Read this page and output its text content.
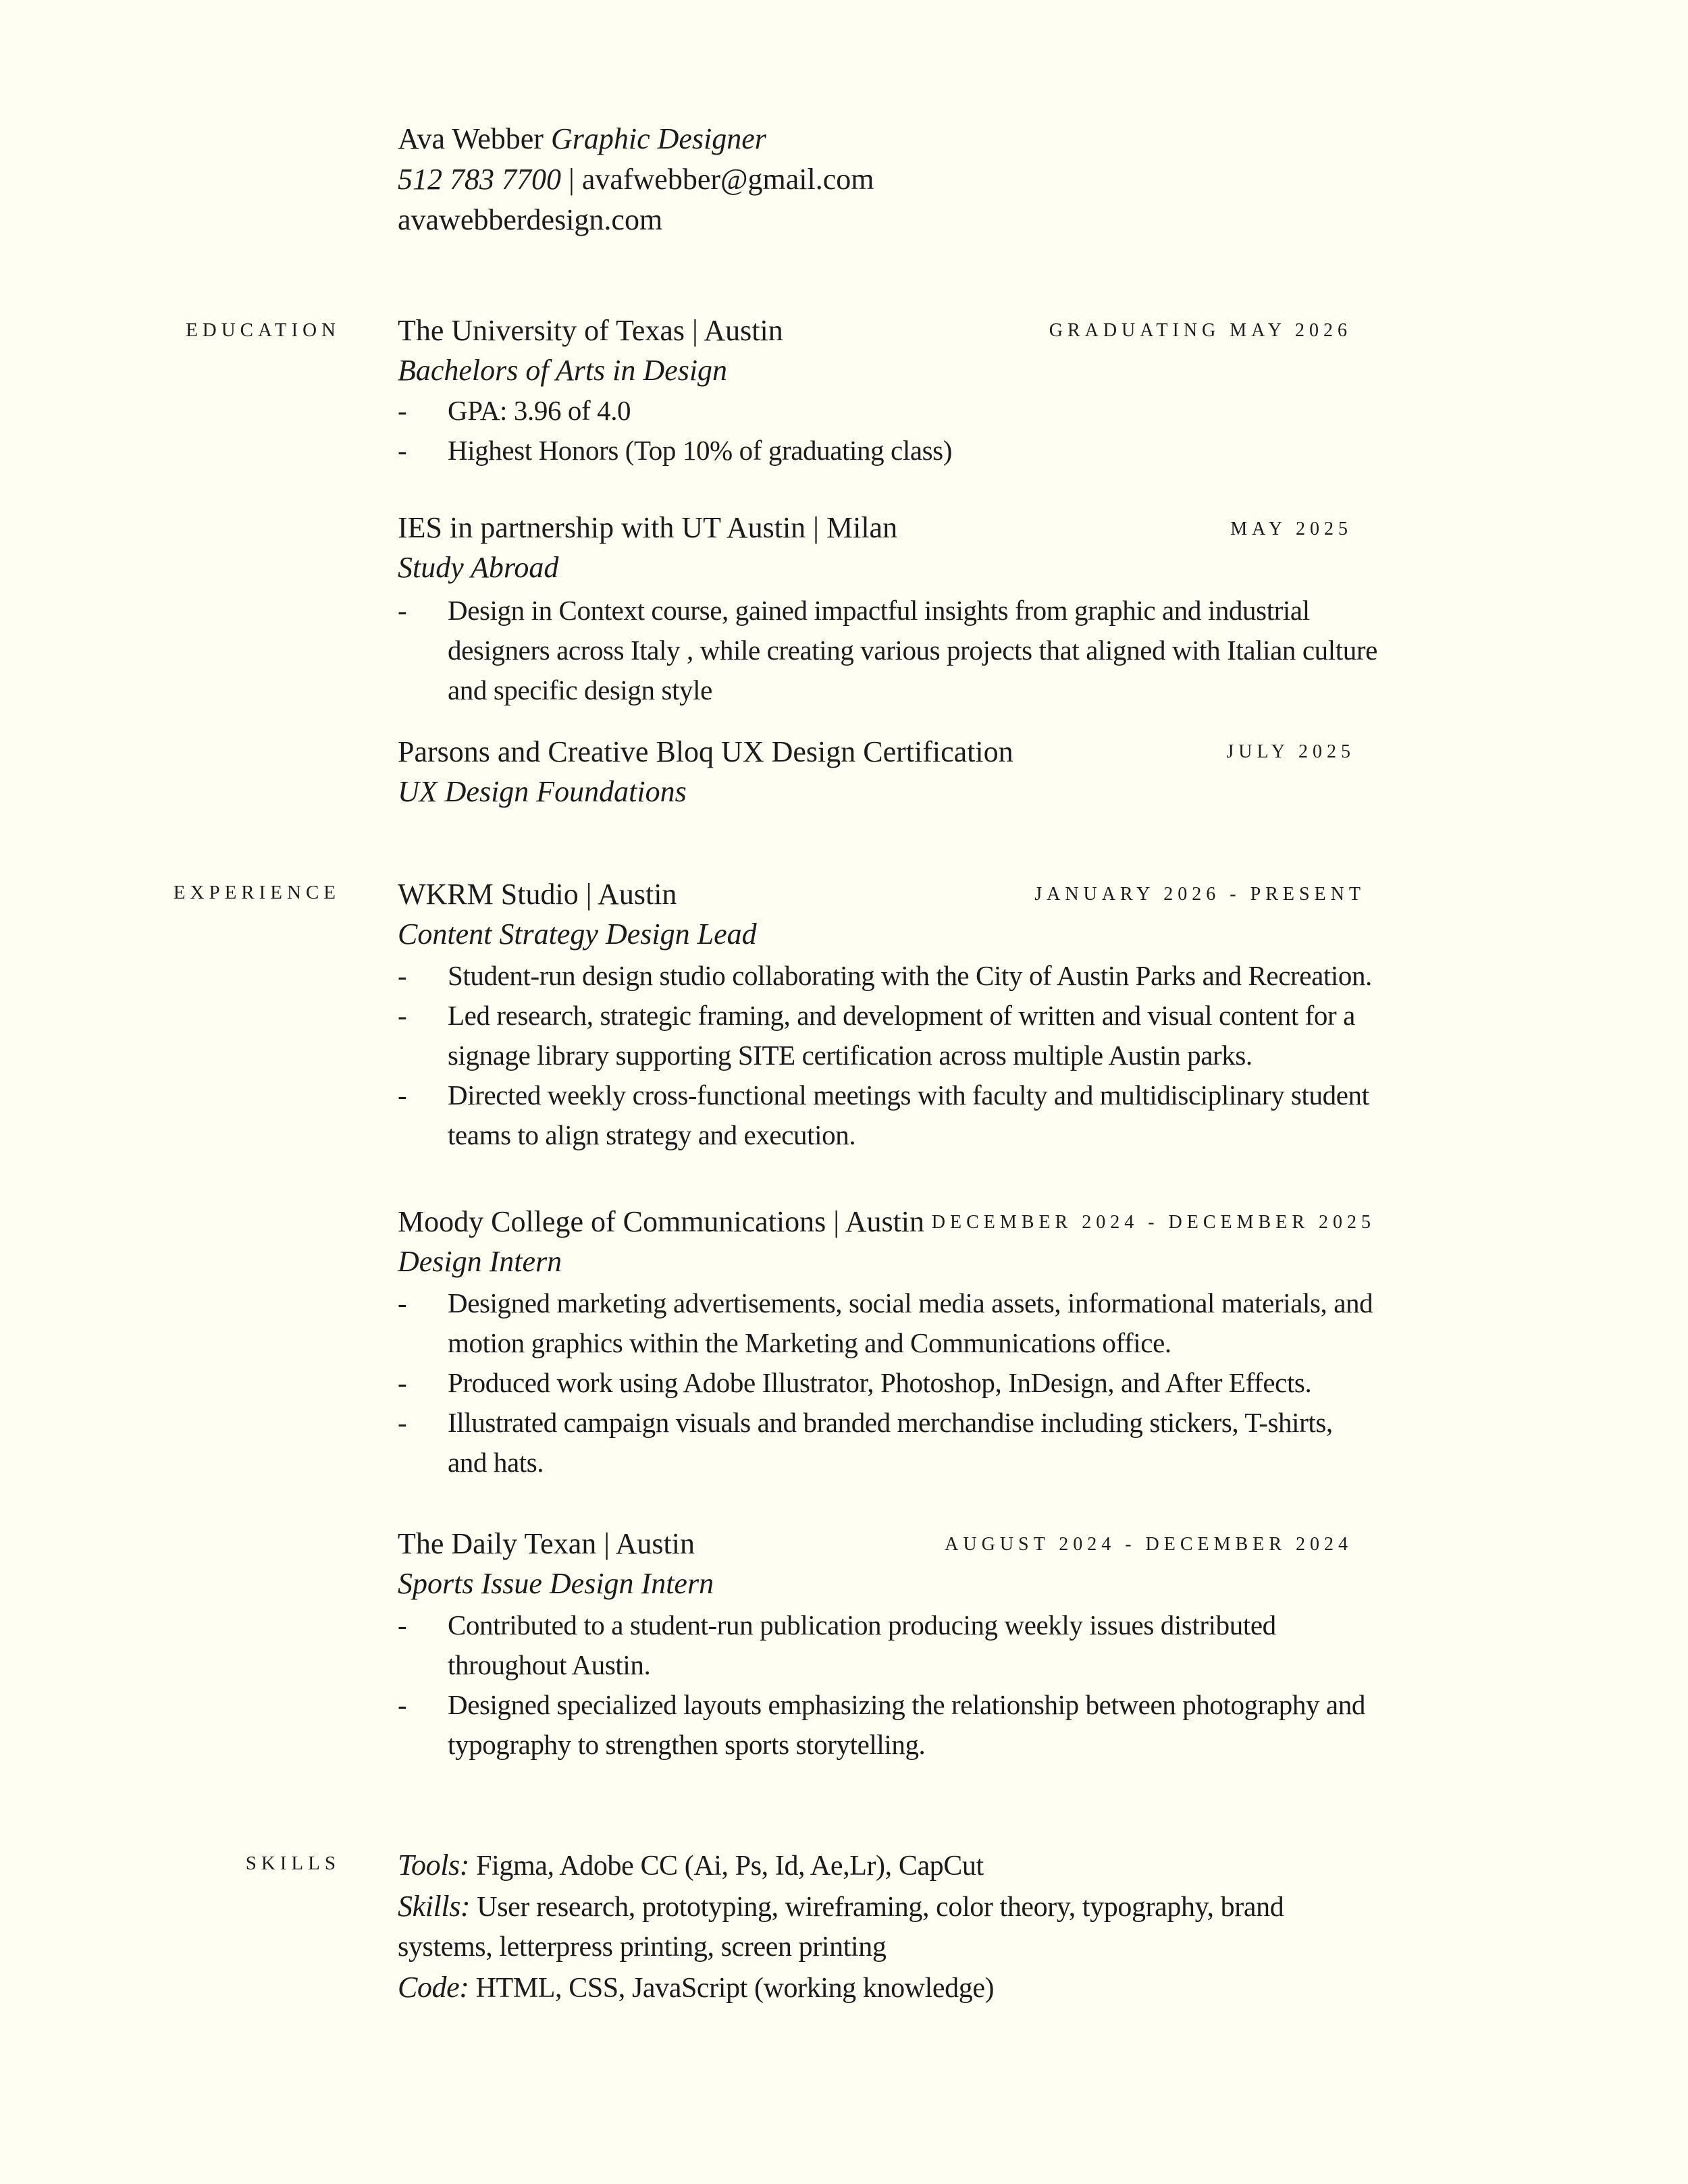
Ava Webber Graphic Designer
512 783 7700 | avafwebber@gmail.com
avawebberdesign.com
EDUCATION
EXPERIENCE
SKILLS
The University of Texas | Austin	GRADUATING MAY 2026
Bachelors of Arts in Design
- GPA: 3.96 of 4.0
- Highest Honors (Top 10% of graduating class)
IES in partnership with UT Austin | Milan	MAY 2025
Study Abroad
- Design in Context course, gained impactful insights from graphic and industrial designers across Italy , while creating various projects that aligned with Italian culture and specific design style
Parsons and Creative Bloq UX Design Certification	JULY 2025
UX Design Foundations
WKRM Studio | Austin	JANUARY 2026 - PRESENT
Content Strategy Design Lead
- Student-run design studio collaborating with the City of Austin Parks and Recreation.
- Led research, strategic framing, and development of written and visual content for a signage library supporting SITE certification across multiple Austin parks.
- Directed weekly cross-functional meetings with faculty and multidisciplinary student teams to align strategy and execution.
Moody College of Communications | Austin DECEMBER 2024 - DECEMBER 2025
Design Intern
- Designed marketing advertisements, social media assets, informational materials, and motion graphics within the Marketing and Communications office.
- Produced work using Adobe Illustrator, Photoshop, InDesign, and After Effects.
- Illustrated campaign visuals and branded merchandise including stickers, T-shirts, and hats.
The Daily Texan | Austin	AUGUST 2024 - DECEMBER 2024
Sports Issue Design Intern
- Contributed to a student-run publication producing weekly issues distributed throughout Austin.
- Designed specialized layouts emphasizing the relationship between photography and typography to strengthen sports storytelling.
Tools: Figma, Adobe CC (Ai, Ps, Id, Ae,Lr), CapCut
Skills: User research, prototyping, wireframing, color theory, typography, brand systems, letterpress printing, screen printing
Code: HTML, CSS, JavaScript (working knowledge)
